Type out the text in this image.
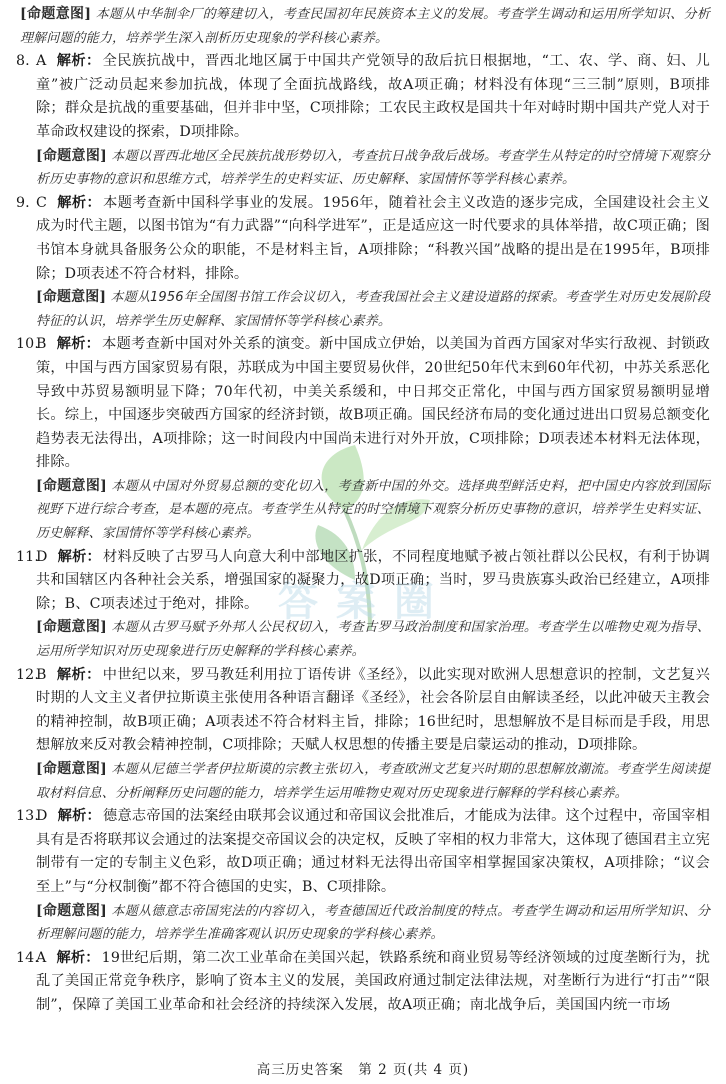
答案圈
[命题意图] 本题从中华制伞厂的筹建切入，考查民国初年民族资本主义的发展。考查学生调动和运用所学知识、分析理解问题的能力，培养学生深入剖析历史现象的学科核心素养。
8. A 解析： 全民族抗战中，晋西北地区属于中国共产党领导的敌后抗日根据地，“工、农、学、商、妇、儿童”被广泛动员起来参加抗战，体现了全面抗战路线，故A项正确；材料没有体现“三三制”原则，B项排除；群众是抗战的重要基础，但并非中坚，C项排除；工农民主政权是国共十年对峙时期中国共产党人对于革命政权建设的探索，D项排除。
[命题意图] 本题以晋西北地区全民族抗战形势切入，考查抗日战争敌后战场。考查学生从特定的时空情境下观察分析历史事物的意识和思维方式，培养学生的史料实证、历史解释、家国情怀等学科核心素养。
9. C 解析： 本题考查新中国科学事业的发展。1956年，随着社会主义改造的逐步完成，全国建设社会主义成为时代主题，以图书馆为“有力武器”“向科学进军”，正是适应这一时代要求的具体举措，故C项正确；图书馆本身就具备服务公众的职能，不是材料主旨，A项排除；“科教兴国”战略的提出是在1995年，B项排除；D项表述不符合材料，排除。
[命题意图] 本题从1956年全国图书馆工作会议切入，考查我国社会主义建设道路的探索。考查学生对历史发展阶段特征的认识，培养学生历史解释、家国情怀等学科核心素养。
10.
B 解析： 本题考查新中国对外关系的演变。新中国成立伊始，以美国为首西方国家对华实行敌视、封锁政策，中国与西方国家贸易有限，苏联成为中国主要贸易伙伴，20世纪50年代末到60年代初，中苏关系恶化导致中苏贸易额明显下降；70年代初，中美关系缓和，中日邦交正常化，中国与西方国家贸易额明显增长。综上，中国逐步突破西方国家的经济封锁，故B项正确。国民经济布局的变化通过进出口贸易总额变化趋势表无法得出，A项排除；这一时间段内中国尚未进行对外开放，C项排除；D项表述本材料无法体现，排除。
[命题意图] 本题从中国对外贸易总额的变化切入，考查新中国的外交。选择典型鲜活史料，把中国史内容放到国际视野下进行综合考查，是本题的亮点。考查学生从特定的时空情境下观察分析历史事物的意识，培养学生史料实证、历史解释、家国情怀等学科核心素养。
11.
D 解析： 材料反映了古罗马人向意大利中部地区扩张，不同程度地赋予被占领社群以公民权，有利于协调共和国辖区内各种社会关系，增强国家的凝聚力，故D项正确；当时，罗马贵族寡头政治已经建立，A项排除；B、C项表述过于绝对，排除。
[命题意图] 本题从古罗马赋予外邦人公民权切入，考查古罗马政治制度和国家治理。考查学生以唯物史观为指导、运用所学知识对历史现象进行历史解释的学科核心素养。
12.
B 解析： 中世纪以来，罗马教廷利用拉丁语传讲《圣经》，以此实现对欧洲人思想意识的控制，文艺复兴时期的人文主义者伊拉斯谟主张使用各种语言翻译《圣经》，社会各阶层自由解读圣经，以此冲破天主教会的精神控制，故B项正确；A项表述不符合材料主旨，排除；16世纪时，思想解放不是目标而是手段，用思想解放来反对教会精神控制，C项排除；天赋人权思想的传播主要是启蒙运动的推动，D项排除。
[命题意图] 本题从尼德兰学者伊拉斯谟的宗教主张切入，考查欧洲文艺复兴时期的思想解放潮流。考查学生阅读提取材料信息、分析阐释历史问题的能力，培养学生运用唯物史观对历史现象进行解释的学科核心素养。
13.
D 解析： 德意志帝国的法案经由联邦会议通过和帝国议会批准后，才能成为法律。这个过程中，帝国宰相具有是否将联邦议会通过的法案提交帝国议会的决定权，反映了宰相的权力非常大，这体现了德国君主立宪制带有一定的专制主义色彩，故D项正确；通过材料无法得出帝国宰相掌握国家决策权，A项排除；“议会至上”与“分权制衡”都不符合德国的史实，B、C项排除。
[命题意图] 本题从德意志帝国宪法的内容切入，考查德国近代政治制度的特点。考查学生调动和运用所学知识、分析理解问题的能力，培养学生准确客观认识历史现象的学科核心素养。
14.
A 解析： 19世纪后期，第二次工业革命在美国兴起，铁路系统和商业贸易等经济领域的过度垄断行为，扰乱了美国正常竞争秩序，影响了资本主义的发展，美国政府通过制定法律法规，对垄断行为进行“打击”“限制”，保障了美国工业革命和社会经济的持续深入发展，故A项正确；南北战争后，美国国内统一市场
高三历史答案　第 2 页(共 4 页)
